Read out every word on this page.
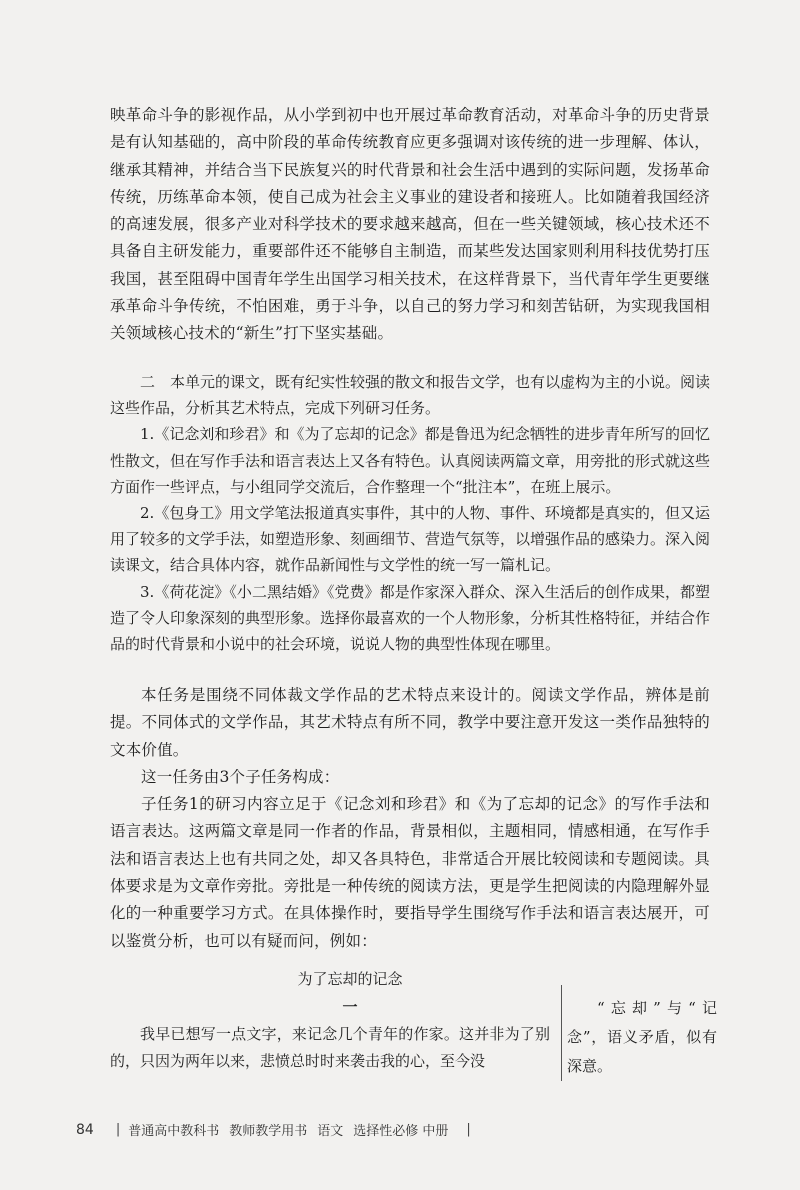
映革命斗争的影视作品，从小学到初中也开展过革命教育活动，对革命斗争的历史背景是有认知基础的，高中阶段的革命传统教育应更多强调对该传统的进一步理解、体认，继承其精神，并结合当下民族复兴的时代背景和社会生活中遇到的实际问题，发扬革命传统，历练革命本领，使自己成为社会主义事业的建设者和接班人。比如随着我国经济的高速发展，很多产业对科学技术的要求越来越高，但在一些关键领域，核心技术还不具备自主研发能力，重要部件还不能够自主制造，而某些发达国家则利用科技优势打压我国，甚至阻碍中国青年学生出国学习相关技术，在这样背景下，当代青年学生更要继承革命斗争传统，不怕困难，勇于斗争，以自己的努力学习和刻苦钻研，为实现我国相关领域核心技术的“新生”打下坚实基础。

二　本单元的课文，既有纪实性较强的散文和报告文学，也有以虚构为主的小说。阅读这些作品，分析其艺术特点，完成下列研习任务。

1.《记念刘和珍君》和《为了忘却的记念》都是鲁迅为纪念牺牲的进步青年所写的回忆性散文，但在写作手法和语言表达上又各有特色。认真阅读两篇文章，用旁批的形式就这些方面作一些评点，与小组同学交流后，合作整理一个“批注本”，在班上展示。

2.《包身工》用文学笔法报道真实事件，其中的人物、事件、环境都是真实的，但又运用了较多的文学手法，如塑造形象、刻画细节、营造气氛等，以增强作品的感染力。深入阅读课文，结合具体内容，就作品新闻性与文学性的统一写一篇札记。

3.《荷花淀》《小二黑结婚》《党费》都是作家深入群众、深入生活后的创作成果，都塑造了令人印象深刻的典型形象。选择你最喜欢的一个人物形象，分析其性格特征，并结合作品的时代背景和小说中的社会环境，说说人物的典型性体现在哪里。

本任务是围绕不同体裁文学作品的艺术特点来设计的。阅读文学作品，辨体是前提。不同体式的文学作品，其艺术特点有所不同，教学中要注意开发这一类作品独特的文本价值。

这一任务由3个子任务构成：

子任务1的研习内容立足于《记念刘和珍君》和《为了忘却的记念》的写作手法和语言表达。这两篇文章是同一作者的作品，背景相似，主题相同，情感相通，在写作手法和语言表达上也有共同之处，却又各具特色，非常适合开展比较阅读和专题阅读。具体要求是为文章作旁批。旁批是一种传统的阅读方法，更是学生把阅读的内隐理解外显化的一种重要学习方式。在具体操作时，要指导学生围绕写作手法和语言表达展开，可以鉴赏分析，也可以有疑而问，例如：

为了忘却的记念
一

我早已想写一点文字，来记念几个青年的作家。这并非为了别的，只因为两年以来，悲愤总时时来袭击我的心，至今没

“忘却”与“记念”，语义矛盾，似有深意。

84 | 普通高中教科书 教师教学用书 语文 选择性必修 中册 |
